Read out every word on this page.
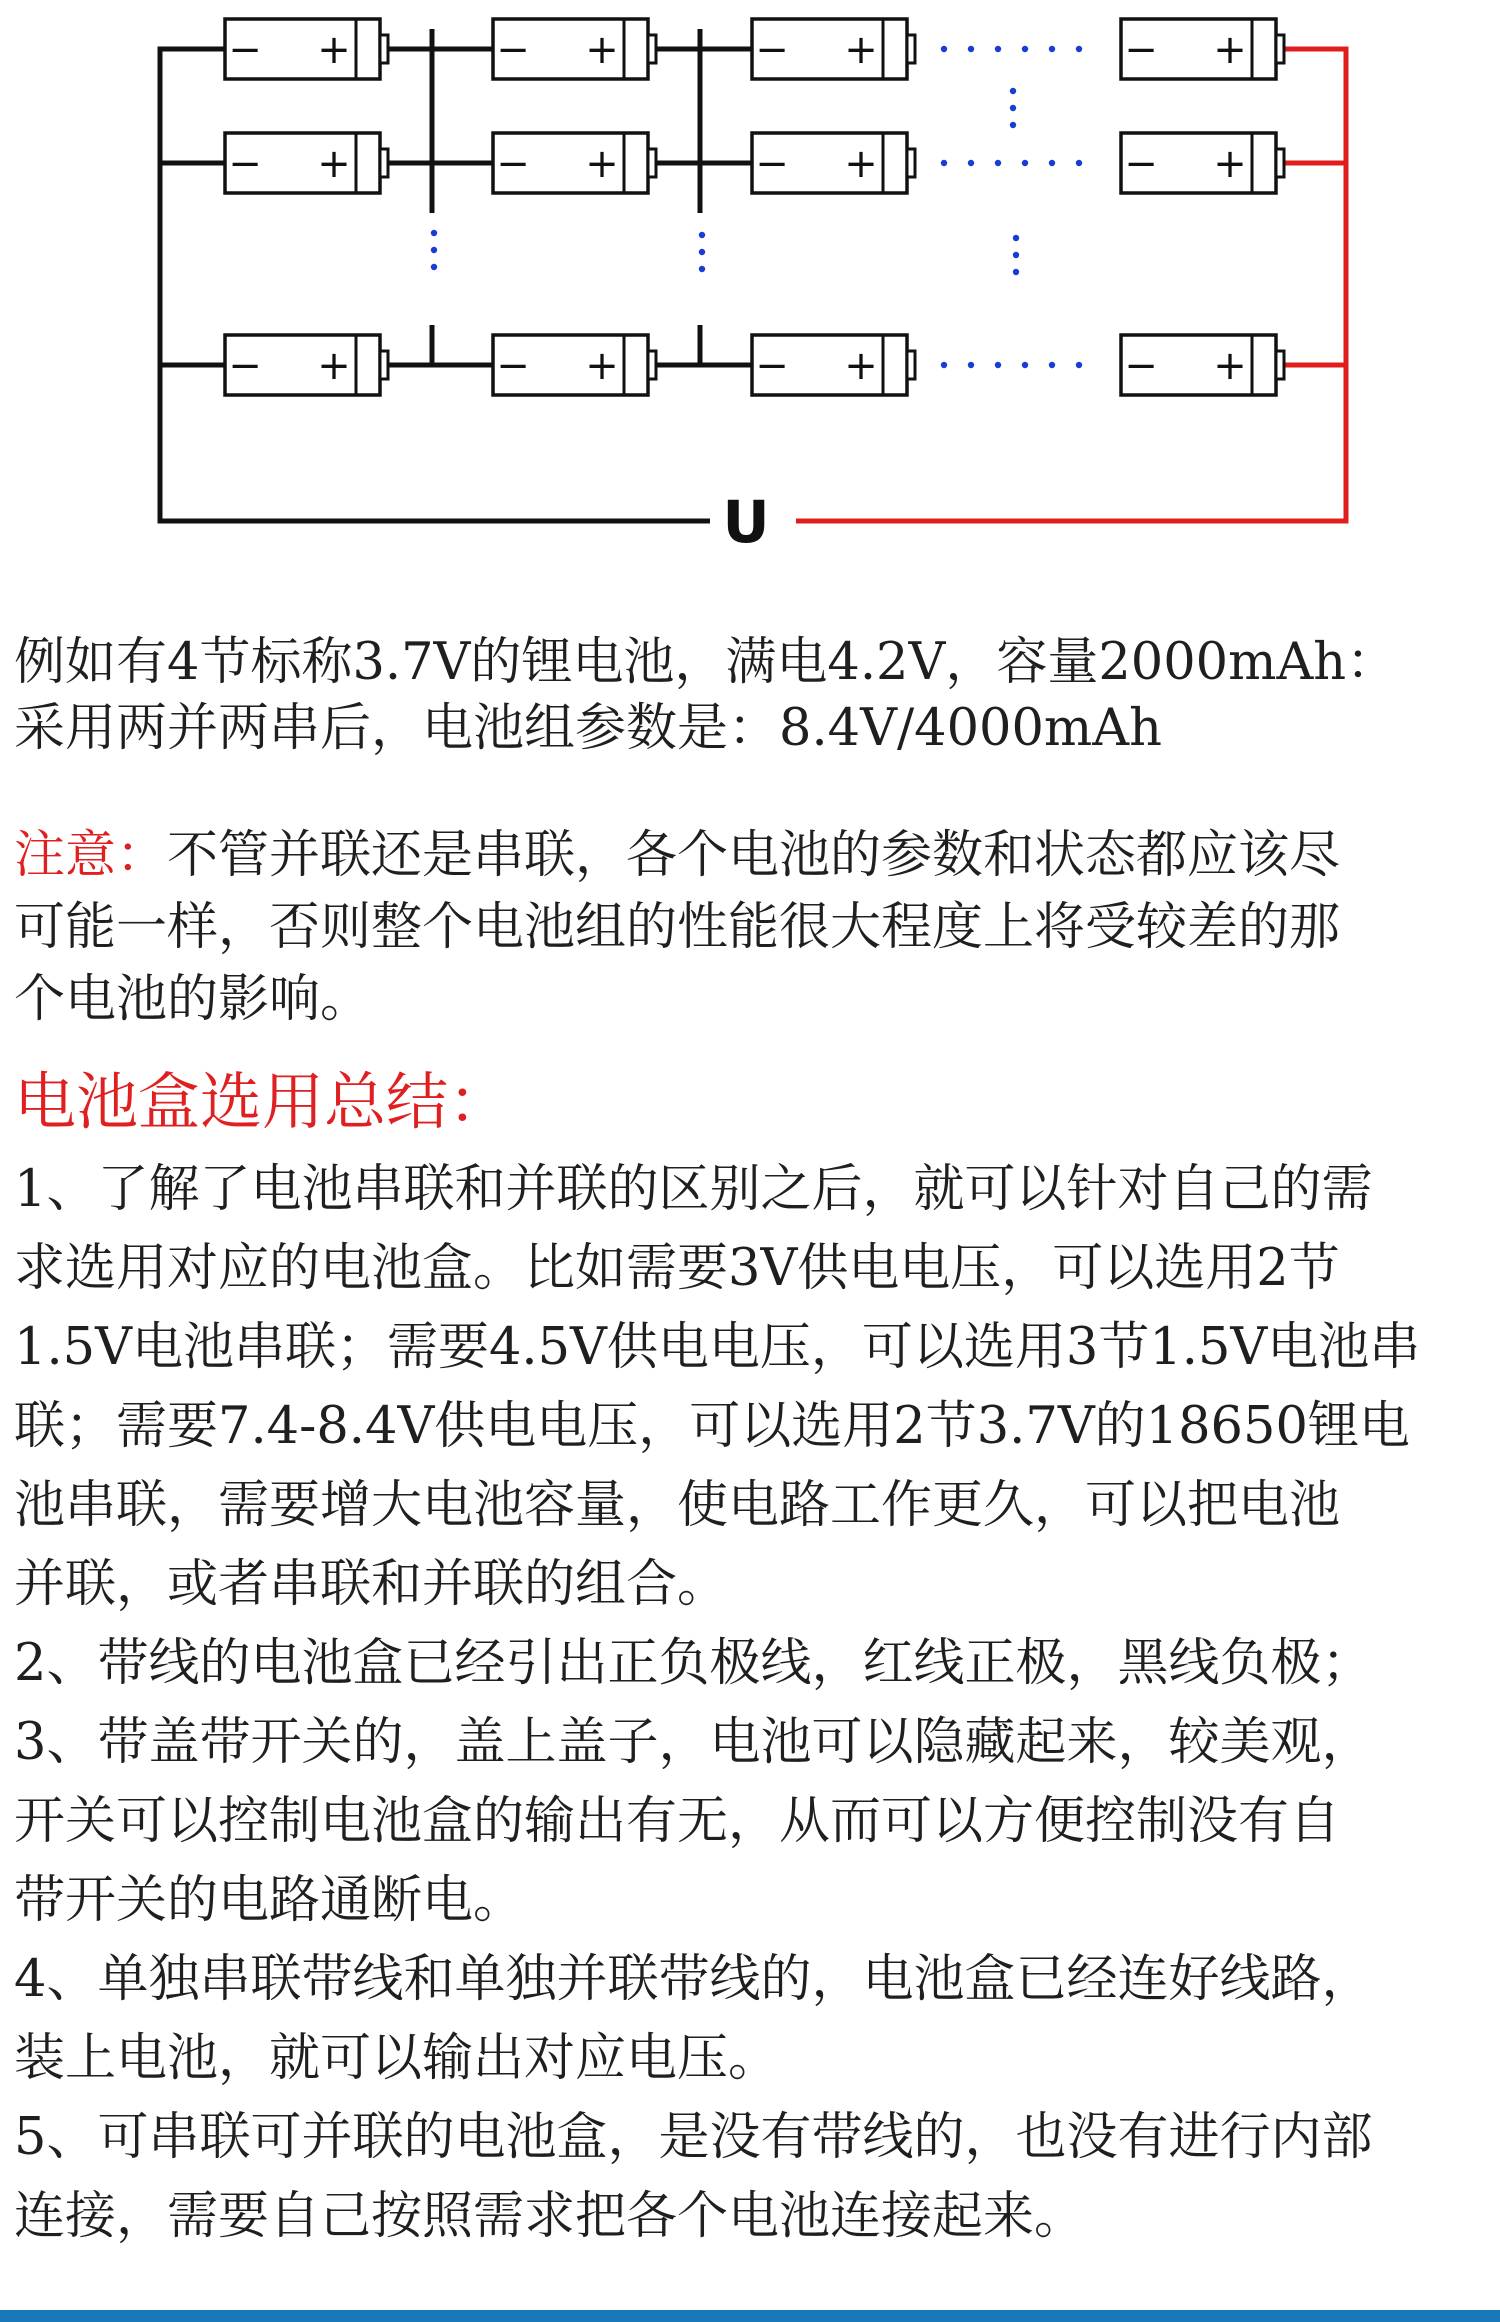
− +	− +	− +	− +
− +	− +	− +	− +
− +	− +	− +	− +
U
例如有4节标称3.7V的锂电池，满电4.2V，容量2000mAh：
采用两并两串后，电池组参数是：8.4V/4000mAh
注意：不管并联还是串联，各个电池的参数和状态都应该尽
可能一样，否则整个电池组的性能很大程度上将受较差的那
个电池的影响。
电池盒选用总结：
1、了解了电池串联和并联的区别之后，就可以针对自己的需
求选用对应的电池盒。比如需要3V供电电压，可以选用2节
1.5V电池串联；需要4.5V供电电压，可以选用3节1.5V电池串
联；需要7.4-8.4V供电电压，可以选用2节3.7V的18650锂电
池串联，需要增大电池容量，使电路工作更久，可以把电池
并联，或者串联和并联的组合。
2、带线的电池盒已经引出正负极线，红线正极，黑线负极；
3、带盖带开关的，盖上盖子，电池可以隐藏起来，较美观，
开关可以控制电池盒的输出有无，从而可以方便控制没有自
带开关的电路通断电。
4、单独串联带线和单独并联带线的，电池盒已经连好线路，
装上电池，就可以输出对应电压。
5、可串联可并联的电池盒，是没有带线的，也没有进行内部
连接，需要自己按照需求把各个电池连接起来。
